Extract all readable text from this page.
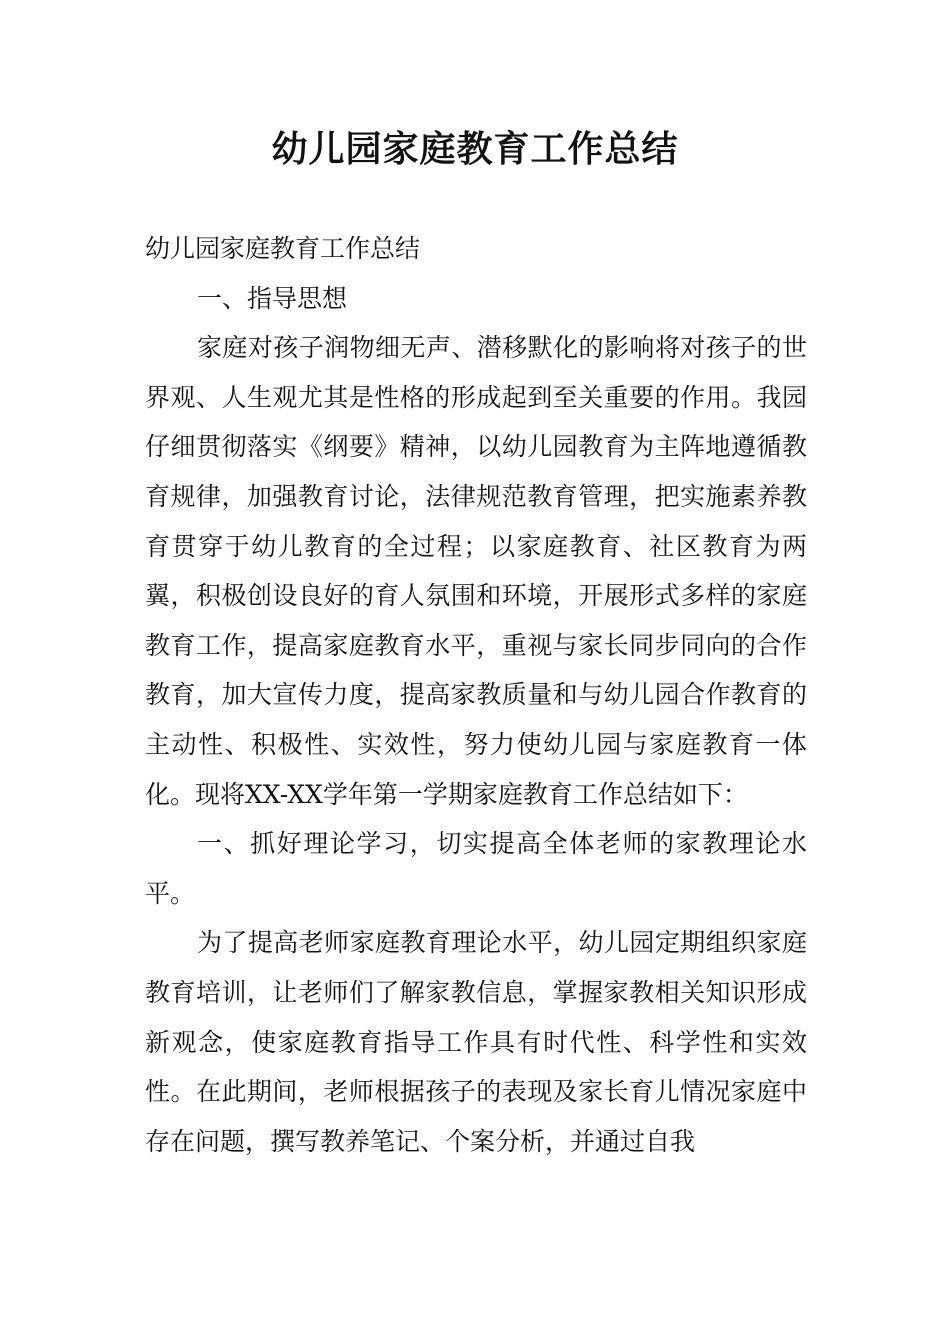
幼儿园家庭教育工作总结

幼儿园家庭教育工作总结

一、指导思想

家庭对孩子润物细无声、潜移默化的影响将对孩子的世界观、人生观尤其是性格的形成起到至关重要的作用。我园仔细贯彻落实《纲要》精神，以幼儿园教育为主阵地遵循教育规律，加强教育讨论，法律规范教育管理，把实施素养教育贯穿于幼儿教育的全过程；以家庭教育、社区教育为两翼，积极创设良好的育人氛围和环境，开展形式多样的家庭教育工作，提高家庭教育水平，重视与家长同步同向的合作教育，加大宣传力度，提高家教质量和与幼儿园合作教育的主动性、积极性、实效性，努力使幼儿园与家庭教育一体化。现将XX-XX学年第一学期家庭教育工作总结如下：

一、抓好理论学习，切实提高全体老师的家教理论水平。

为了提高老师家庭教育理论水平，幼儿园定期组织家庭教育培训，让老师们了解家教信息，掌握家教相关知识形成新观念，使家庭教育指导工作具有时代性、科学性和实效性。在此期间，老师根据孩子的表现及家长育儿情况家庭中存在问题，撰写教养笔记、个案分析，并通过自我
